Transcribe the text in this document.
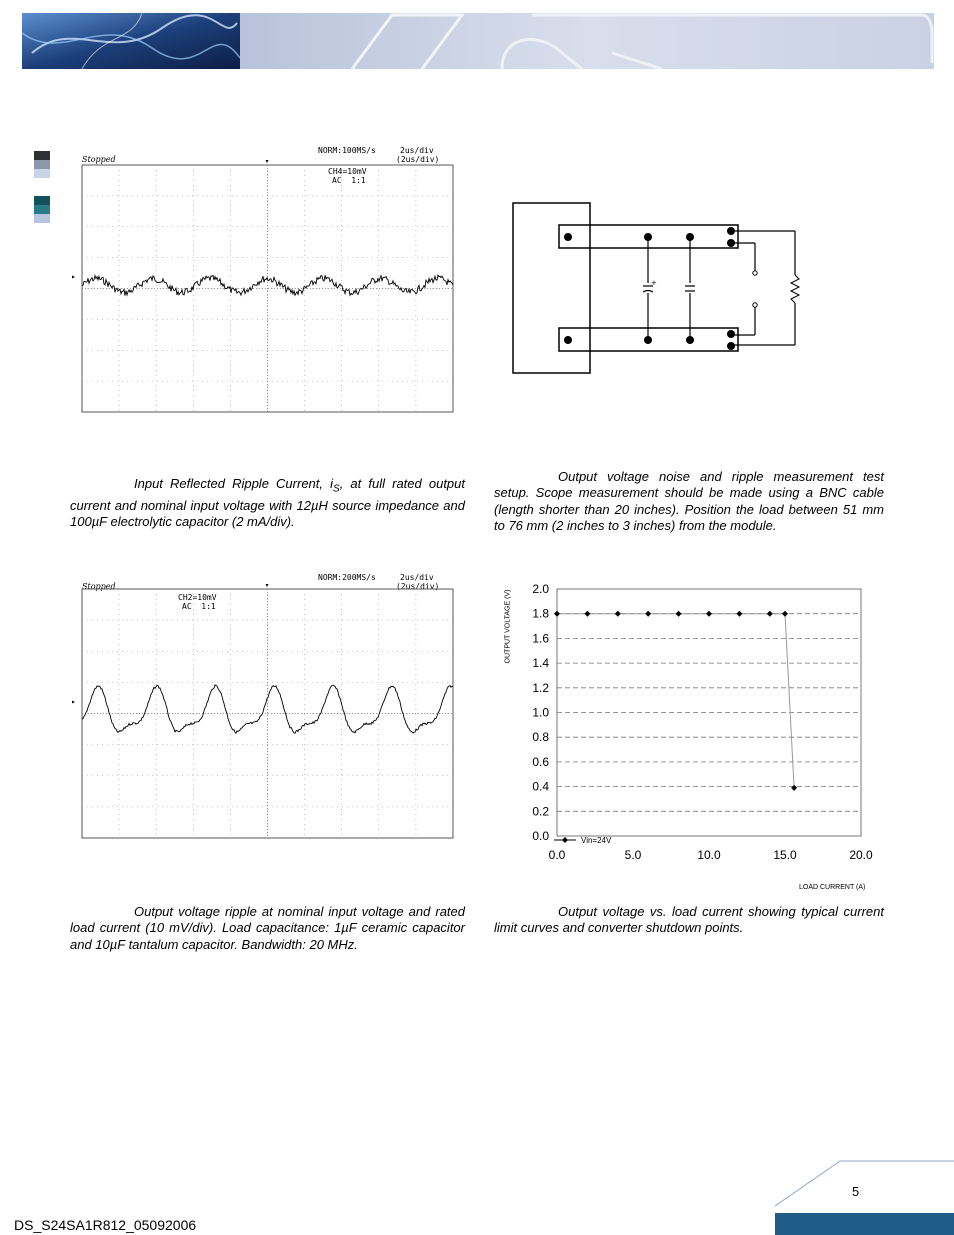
Stopped
NORM:100MS/s	2us/div
(2us/div)
CH4=10mV
AC  1:1
▸
▾
Stopped
NORM:200MS/s	2us/div
(2us/div)
CH2=10mV
AC  1:1
▸
▾
+
Input Reflected Ripple Current, $i_S$, at full rated output current and nominal input voltage with 12µH source impedance and 100µF electrolytic capacitor (2 mA/div).
Output voltage noise and ripple measurement test setup. Scope measurement should be made using a BNC cable (length shorter than 20 inches). Position the load between 51 mm to 76 mm (2 inches to 3 inches) from the module.
Output voltage ripple at nominal input voltage and rated load current (10 mV/div). Load capacitance: 1µF ceramic capacitor and 10µF tantalum capacitor. Bandwidth: 20 MHz.
Output voltage vs. load current showing typical current limit curves and converter shutdown points.
0.0
0.2
0.4
0.6
0.8
1.0
1.2
1.4
1.6
1.8
2.0
0.0	5.0	10.0	15.0	20.0
Vin=24V
OUTPUT VOLTAGE (V)
LOAD CURRENT (A)
5
DS_S24SA1R812_05092006
